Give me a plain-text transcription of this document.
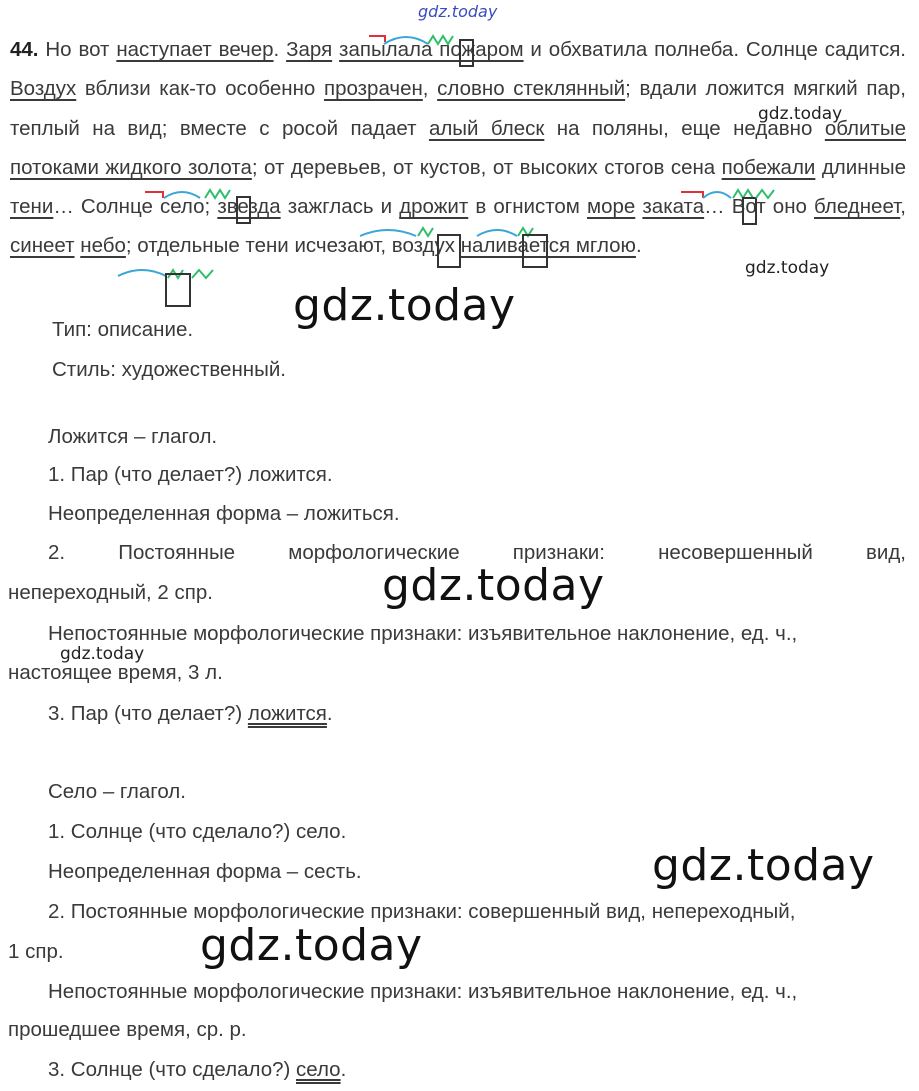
gdz.today
gdz.today
gdz.today
gdz.today
gdz.today
gdz.today
gdz.today
gdz.today
44. Но вот наступает вечер. Заря запылала пожаром и обхватила полнеба. Солнце садится. Воздух вблизи как-то особенно прозрачен, словно стеклянный; вдали ложится мягкий пар, теплый на вид; вместе с росой падает алый блеск на поляны, еще недавно облитые потоками жидкого золота; от деревьев, от кустов, от высоких стогов сена побежали длинные тени… Солнце село; звезда зажглась и дрожит в огнистом море заката… Вот оно бледнеет, синеет небо; отдельные тени исчезают, воздух наливается мглою.
Тип: описание.
Стиль: художественный.
Ложится – глагол.
1. Пар (что делает?) ложится.
Неопределенная форма – ложиться.
2.	Постоянные	морфологические	признаки:	несовершенный	вид,
непереходный, 2 спр.
Непостоянные морфологические признаки: изъявительное наклонение, ед. ч.,
настоящее время, 3 л.
3. Пар (что делает?) ложится.
Село – глагол.
1. Солнце (что сделало?) село.
Неопределенная форма – сесть.
2. Постоянные морфологические признаки: совершенный вид, непереходный,
1 спр.
Непостоянные морфологические признаки: изъявительное наклонение, ед. ч.,
прошедшее время, ср. р.
3. Солнце (что сделало?) село.
